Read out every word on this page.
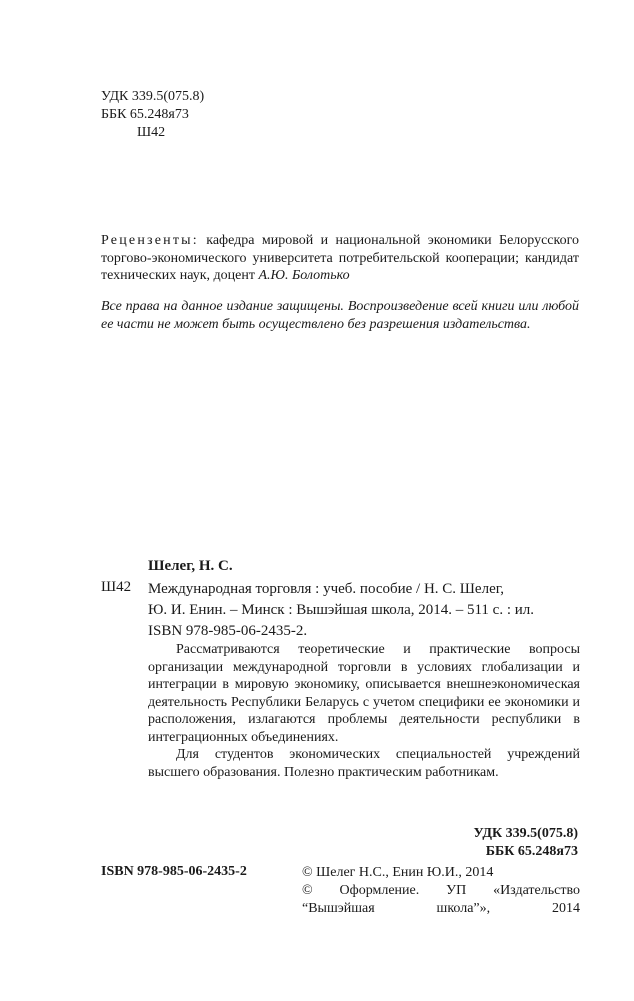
УДК 339.5(075.8)
ББК 65.248я73
Ш42
Рецензенты: кафедра мировой и национальной экономики Белорусского торгово-экономического университета потребительской кооперации; кандидат технических наук, доцент А.Ю. Болотько
Все права на данное издание защищены. Воспроизведение всей книги или любой ее части не может быть осуществлено без разрешения издательства.
Шелег, Н. С.
Ш42 Международная торговля : учеб. пособие / Н. С. Шелег,
Ю. И. Енин. – Минск : Вышэйшая школа, 2014. – 511 с. : ил.
ISBN 978-985-06-2435-2.

Рассматриваются теоретические и практические вопросы организации международной торговли в условиях глобализации и интеграции в мировую экономику, описывается внешнеэкономическая деятельность Республики Беларусь с учетом специфики ее экономики и расположения, излагаются проблемы деятельности республики в интеграционных объединениях.

Для студентов экономических специальностей учреждений высшего образования. Полезно практическим работникам.

УДК 339.5(075.8)
ББК 65.248я73
ISBN 978-985-06-2435-2	© Шелег Н.С., Енин Ю.И., 2014
© Оформление. УП «Издательство “Вышэйшая школа”», 2014
